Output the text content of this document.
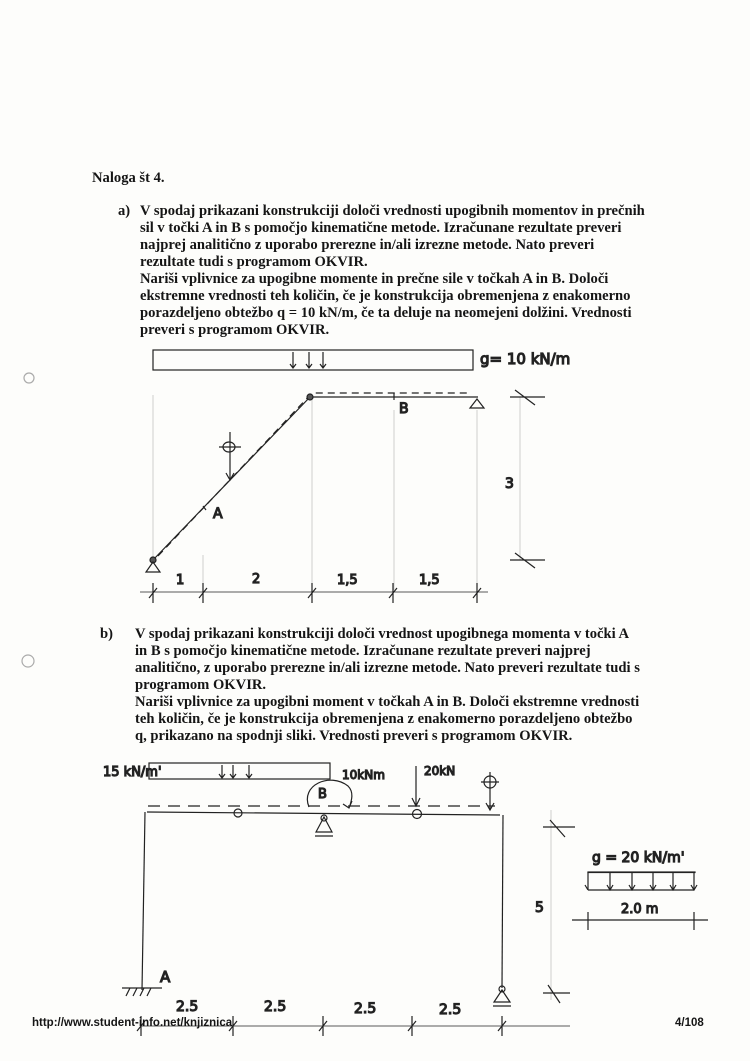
Naloga št 4.
a) V spodaj prikazani konstrukciji določi vrednosti upogibnih momentov in prečnih
sil v točki A in B s pomočjo kinematične metode. Izračunane rezultate preveri
najprej analitično z uporabo prerezne in/ali izrezne metode. Nato preveri
rezultate tudi s programom OKVIR.
Nariši vplivnice za upogibne momente in prečne sile v točkah A in B. Določi
ekstremne vrednosti teh količin, če je konstrukcija obremenjena z enakomerno
porazdeljeno obtežbo q = 10 kN/m, če ta deluje na neomejeni dolžini. Vrednosti
preveri s programom OKVIR.
b) V spodaj prikazani konstrukciji določi vrednost upogibnega momenta v točki A
in B s pomočjo kinematične metode. Izračunane rezultate preveri najprej
analitično, z uporabo prerezne in/ali izrezne metode. Nato preveri rezultate tudi s
programom OKVIR.
Nariši vplivnice za upogibni moment v točkah A in B. Določi ekstremne vrednosti
teh količin, če je konstrukcija obremenjena z enakomerno porazdeljeno obtežbo
q, prikazano na spodnji sliki. Vrednosti preveri s programom OKVIR.
g= 10 kN/m
B
A
3
1	2	1,5	1,5
15 kN/m'	10kNm
B
20kN
A
5
g = 20 kN/m'
2.0 m
2.5	2.5	2.5	2.5
http://www.student-info.net/knjiznica	4/108
